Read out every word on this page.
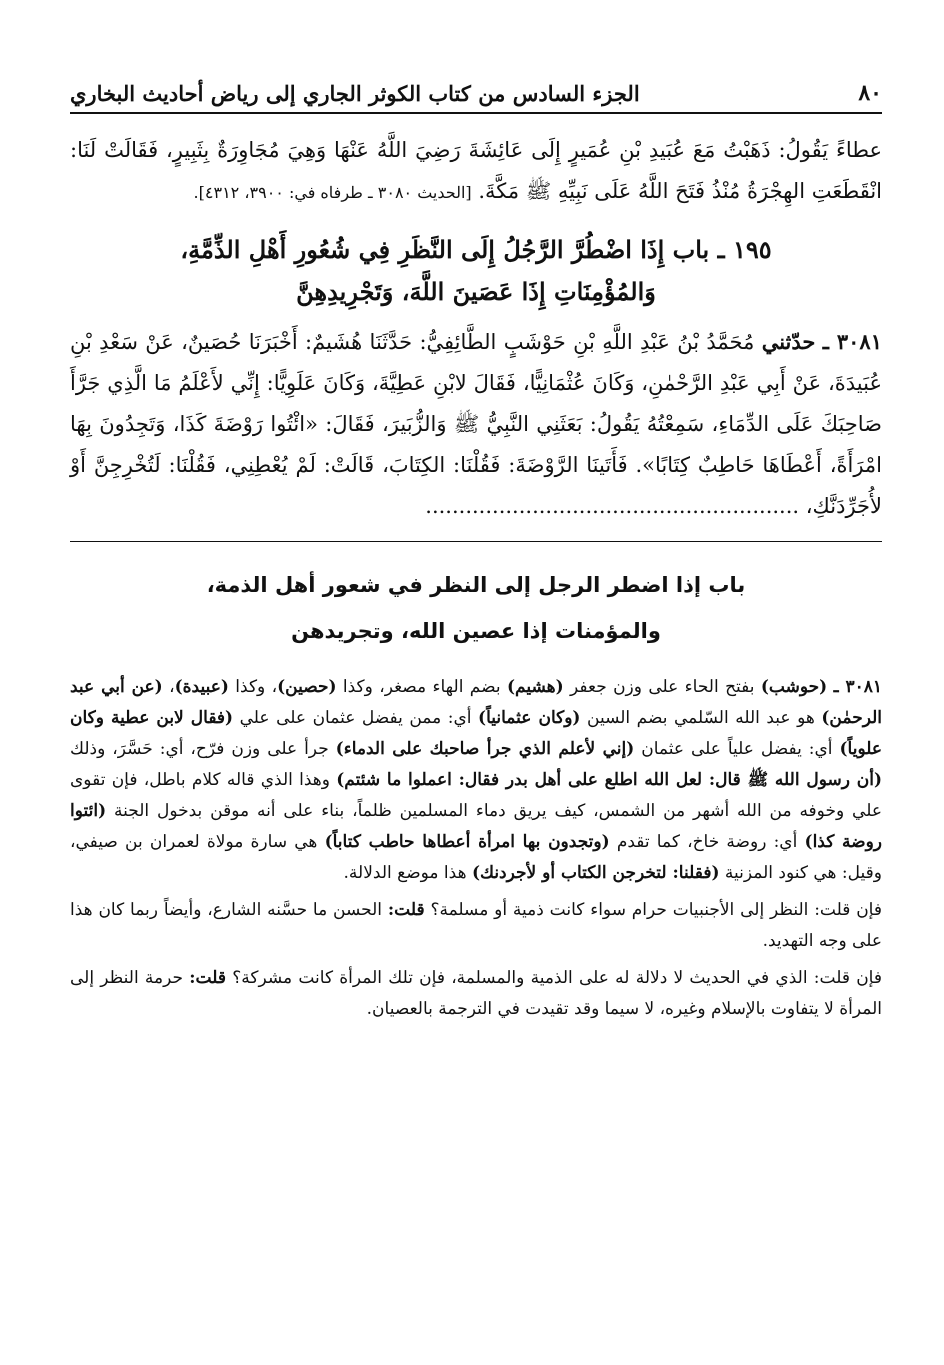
٨٠
الجزء السادس من كتاب الكوثر الجاري إلى رياض أحاديث البخاري

عطاءً يَقُولُ: ذَهَبْتُ مَعَ عُبَيدِ بْنِ عُمَيرٍ إِلَى عَائِشَةَ رَضِيَ اللَّهُ عَنْهَا وَهِيَ مُجَاوِرَةٌ بِثَبِيرٍ، فَقَالَتْ لَنَا: انْقَطَعَتِ الهِجْرَةُ مُنْذُ فَتَحَ اللَّهُ عَلَى نَبِيِّهِ ﷺ مَكَّةَ. [الحديث ٣٠٨٠ ـ طرفاه في: ٣٩٠٠، ٤٣١٢].

١٩٥ ـ باب إِذَا اضْطُرَّ الرَّجُلُ إِلَى النَّظَرِ فِي شُعُورِ أَهْلِ الذِّمَّةِ،
وَالمُؤْمِنَاتِ إِذَا عَصَينَ اللَّهَ، وَتَجْرِيدِهِنَّ

٣٠٨١ ـ حدّثني مُحَمَّدُ بْنُ عَبْدِ اللَّهِ بْنِ حَوْشَبٍ الطَّائِفِيُّ: حَدَّثَنَا هُشَيمٌ: أَخْبَرَنَا حُصَينٌ، عَنْ سَعْدِ بْنِ عُبَيدَةَ، عَنْ أَبِي عَبْدِ الرَّحْمٰنِ، وَكَانَ عُثْمَانِيًّا، فَقَالَ لابْنِ عَطِيَّةَ، وَكَانَ عَلَوِيًّا: إِنِّي لأَعْلَمُ مَا الَّذِي جَرَّأَ صَاحِبَكَ عَلَى الدِّمَاءِ، سَمِعْتُهُ يَقُولُ: بَعَثَنِي النَّبِيُّ ﷺ وَالزُّبَيرَ، فَقَالَ: «ائْتُوا رَوْضَةَ كَذَا، وَتَجِدُونَ بِهَا امْرَأَةً، أَعْطَاهَا حَاطِبٌ كِتَابًا». فَأَتَينَا الرَّوْضَةَ: فَقُلْنَا: الكِتَابَ، قَالَتْ: لَمْ يُعْطِنِي، فَقُلْنَا: لَتُخْرِجِنَّ أَوْ لأُجَرِّدَنَّكِ، ........................................................

باب إذا اضطر الرجل إلى النظر في شعور أهل الذمة،
والمؤمنات إذا عصين الله، وتجريدهن

٣٠٨١ ـ (حوشب) بفتح الحاء على وزن جعفر (هشيم) بضم الهاء مصغر، وكذا (حصين)، وكذا (عبيدة)، (عن أبي عبد الرحمٰن) هو عبد الله السّلمي بضم السين (وكان عثمانياً) أي: ممن يفضل عثمان على علي (فقال لابن عطية وكان علوياً) أي: يفضل علياً على عثمان (إني لأعلم الذي جرأ صاحبك على الدماء) جرأ على وزن فرّح، أي: حَسَّرَ، وذلك (أن رسول الله ﷺ قال: لعل الله اطلع على أهل بدر فقال: اعملوا ما شئتم) وهذا الذي قاله كلام باطل، فإن تقوى علي وخوفه من الله أشهر من الشمس، كيف يريق دماء المسلمين ظلماً، بناء على أنه موقن بدخول الجنة (ائتوا روضة كذا) أي: روضة خاخ، كما تقدم (وتجدون بها امرأة أعطاها حاطب كتاباً) هي سارة مولاة لعمران بن صيفي، وقيل: هي كنود المزنية (فقلنا: لتخرجن الكتاب أو لأجردنك) هذا موضع الدلالة.

فإن قلت: النظر إلى الأجنبيات حرام سواء كانت ذمية أو مسلمة؟ قلت: الحسن ما حسَّنه الشارع، وأيضاً ربما كان هذا على وجه التهديد.

فإن قلت: الذي في الحديث لا دلالة له على الذمية والمسلمة، فإن تلك المرأة كانت مشركة؟ قلت: حرمة النظر إلى المرأة لا يتفاوت بالإسلام وغيره، لا سيما وقد تقيدت في الترجمة بالعصيان.
